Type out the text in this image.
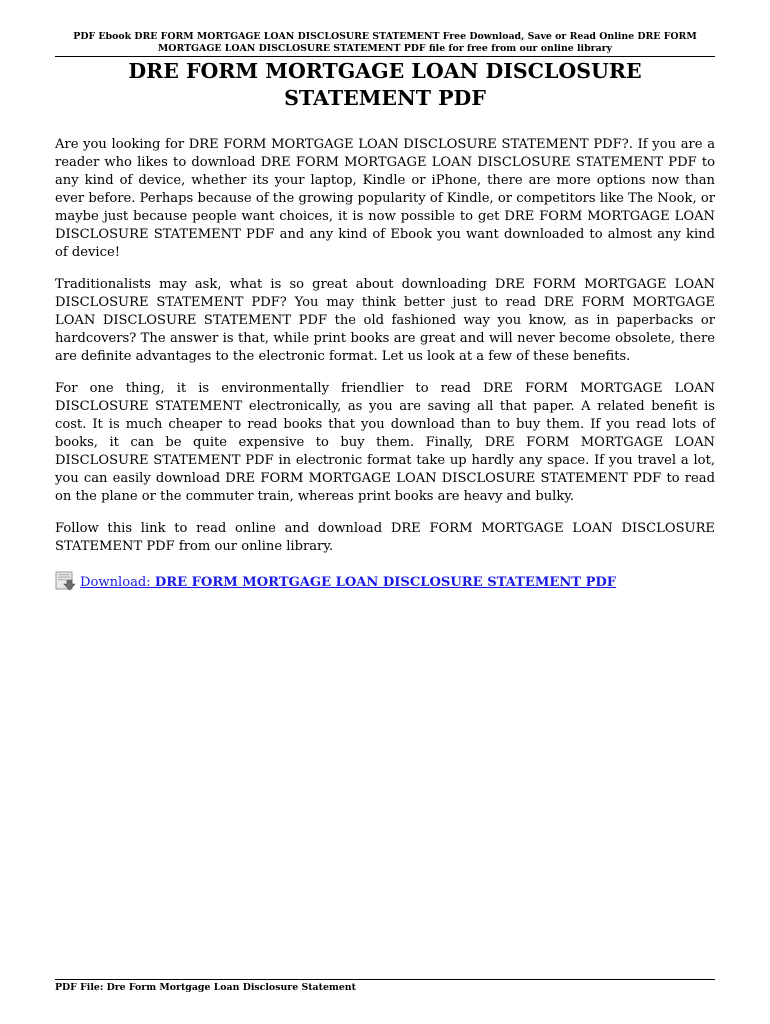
PDF Ebook DRE FORM MORTGAGE LOAN DISCLOSURE STATEMENT Free Download, Save or Read Online DRE FORM MORTGAGE LOAN DISCLOSURE STATEMENT PDF file for free from our online library
DRE FORM MORTGAGE LOAN DISCLOSURE STATEMENT PDF

Are you looking for DRE FORM MORTGAGE LOAN DISCLOSURE STATEMENT PDF?. If you are a reader who likes to download DRE FORM MORTGAGE LOAN DISCLOSURE STATEMENT PDF to any kind of device, whether its your laptop, Kindle or iPhone, there are more options now than ever before. Perhaps because of the growing popularity of Kindle, or competitors like The Nook, or maybe just because people want choices, it is now possible to get DRE FORM MORTGAGE LOAN DISCLOSURE STATEMENT PDF and any kind of Ebook you want downloaded to almost any kind of device!

Traditionalists may ask, what is so great about downloading DRE FORM MORTGAGE LOAN DISCLOSURE STATEMENT PDF? You may think better just to read DRE FORM MORTGAGE LOAN DISCLOSURE STATEMENT PDF the old fashioned way you know, as in paperbacks or hardcovers? The answer is that, while print books are great and will never become obsolete, there are definite advantages to the electronic format. Let us look at a few of these benefits.

For one thing, it is environmentally friendlier to read DRE FORM MORTGAGE LOAN DISCLOSURE STATEMENT electronically, as you are saving all that paper. A related benefit is cost. It is much cheaper to read books that you download than to buy them. If you read lots of books, it can be quite expensive to buy them. Finally, DRE FORM MORTGAGE LOAN DISCLOSURE STATEMENT PDF in electronic format take up hardly any space. If you travel a lot, you can easily download DRE FORM MORTGAGE LOAN DISCLOSURE STATEMENT PDF to read on the plane or the commuter train, whereas print books are heavy and bulky.

Follow this link to read online and download DRE FORM MORTGAGE LOAN DISCLOSURE STATEMENT PDF from our online library.

Download: DRE FORM MORTGAGE LOAN DISCLOSURE STATEMENT PDF
PDF File: Dre Form Mortgage Loan Disclosure Statement
